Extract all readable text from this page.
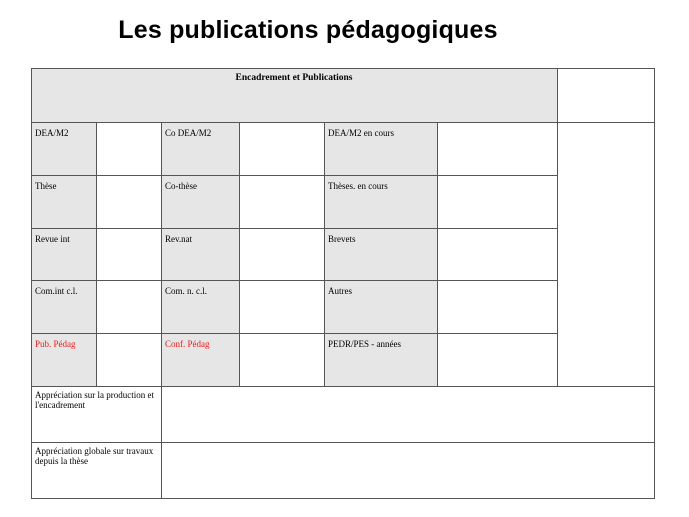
Les publications pédagogiques
Encadrement et Publications
DEA/M2	Co DEA/M2	DEA/M2 en cours
Thèse	Co-thèse	Thèses. en cours
Revue int	Rev.nat	Brevets
Com.int c.l.	Com. n. c.l.	Autres
Pub. Pédag	Conf. Pédag	PEDR/PES - années
Appréciation sur la production et l'encadrement
Appréciation globale sur travaux depuis la thèse
